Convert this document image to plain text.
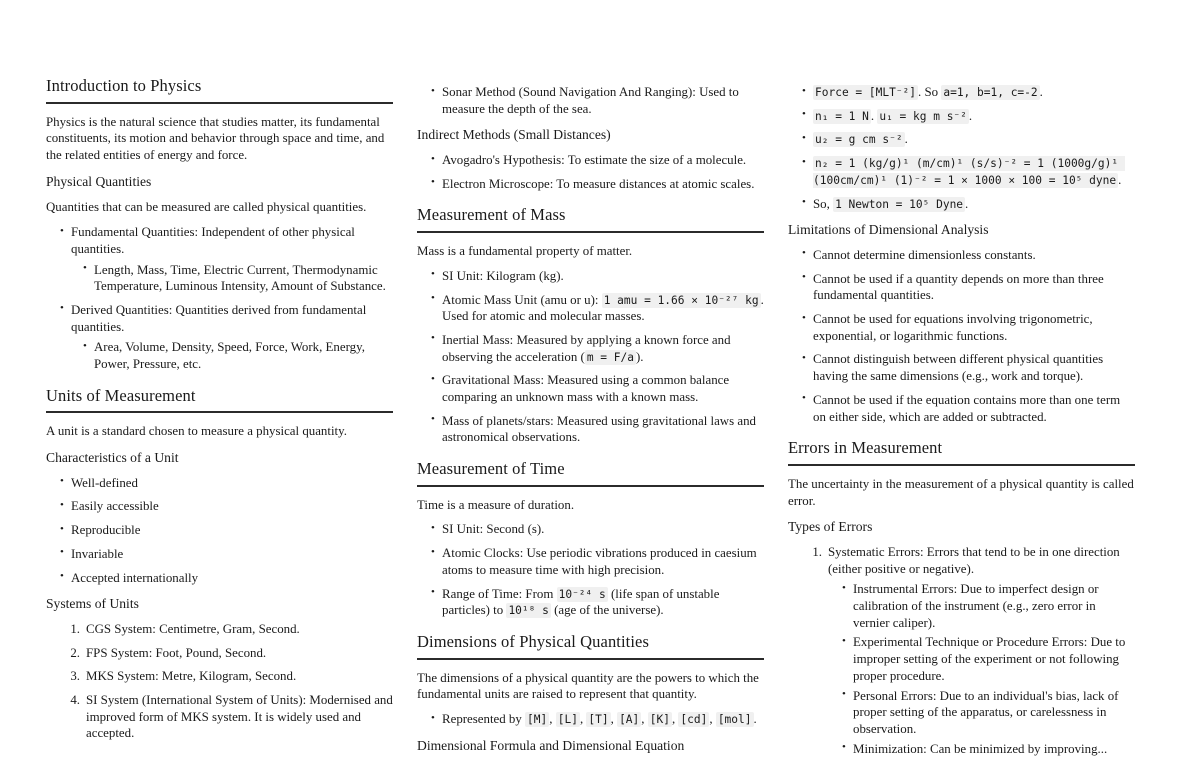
Introduction to Physics

Physics is the natural science that studies matter, its fundamental constituents, its motion and behavior through space and time, and the related entities of energy and force.

Physical Quantities

Quantities that can be measured are called physical quantities.

• Fundamental Quantities: Independent of other physical quantities.
• Length, Mass, Time, Electric Current, Thermodynamic Temperature, Luminous Intensity, Amount of Substance.
• Derived Quantities: Quantities derived from fundamental quantities.
• Area, Volume, Density, Speed, Force, Work, Energy, Power, Pressure, etc.
Units of Measurement

A unit is a standard chosen to measure a physical quantity.

Characteristics of a Unit
• Well-defined
• Easily accessible
• Reproducible
• Invariable
• Accepted internationally
Systems of Units
CGS System: Centimetre, Gram, Second.
FPS System: Foot, Pound, Second.
MKS System: Metre, Kilogram, Second.
SI System (International System of Units): Modernised and improved form of MKS system. It is widely used and accepted.
• Sonar Method (Sound Navigation And Ranging): Used to measure the depth of the sea.
Indirect Methods (Small Distances)
• Avogadro's Hypothesis: To estimate the size of a molecule.
• Electron Microscope: To measure distances at atomic scales.
Measurement of Mass

Mass is a fundamental property of matter.

• SI Unit: Kilogram (kg).
• Atomic Mass Unit (amu or u): 1 amu = 1.66 × 10⁻²⁷ kg . Used for atomic and molecular masses.
• Inertial Mass: Measured by applying a known force and observing the acceleration ( m = F/a ).
• Gravitational Mass: Measured using a common balance comparing an unknown mass with a known mass.
• Mass of planets/stars: Measured using gravitational laws and astronomical observations.
Measurement of Time

Time is a measure of duration.

• SI Unit: Second (s).
• Atomic Clocks: Use periodic vibrations produced in caesium atoms to measure time with high precision.
• Range of Time: From 10⁻²⁴ s (life span of unstable particles) to 10¹⁸ s (age of the universe).
Dimensions of Physical Quantities

The dimensions of a physical quantity are the powers to which the fundamental units are raised to represent that quantity.

• Represented by [M] , [L] , [T] , [A] , [K] , [cd] , [mol] .
Dimensional Formula and Dimensional Equation
• Force = [MLT⁻²] . So a=1, b=1, c=-2 .
• n₁ = 1 N . u₁ = kg m s⁻² .
• u₂ = g cm s⁻² .
• n₂ = 1 (kg/g)¹ (m/cm)¹ (s/s)⁻² = 1 (1000g/g)¹ (100cm/cm)¹ (1)⁻² = 1 × 1000 × 100 = 10⁵ dyne .
• So, 1 Newton = 10⁵ Dyne .
Limitations of Dimensional Analysis
• Cannot determine dimensionless constants.
• Cannot be used if a quantity depends on more than three fundamental quantities.
• Cannot be used for equations involving trigonometric, exponential, or logarithmic functions.
• Cannot distinguish between different physical quantities having the same dimensions (e.g., work and torque).
• Cannot be used if the equation contains more than one term on either side, which are added or subtracted.
Errors in Measurement

The uncertainty in the measurement of a physical quantity is called error.

Types of Errors
Systematic Errors: Errors that tend to be in one direction (either positive or negative).
• Instrumental Errors: Due to imperfect design or calibration of the instrument (e.g., zero error in vernier caliper).
• Experimental Technique or Procedure Errors: Due to improper setting of the experiment or not following proper procedure.
• Personal Errors: Due to an individual's bias, lack of proper setting of the apparatus, or carelessness in observation.
• Minimization: Can be minimized by improving...
